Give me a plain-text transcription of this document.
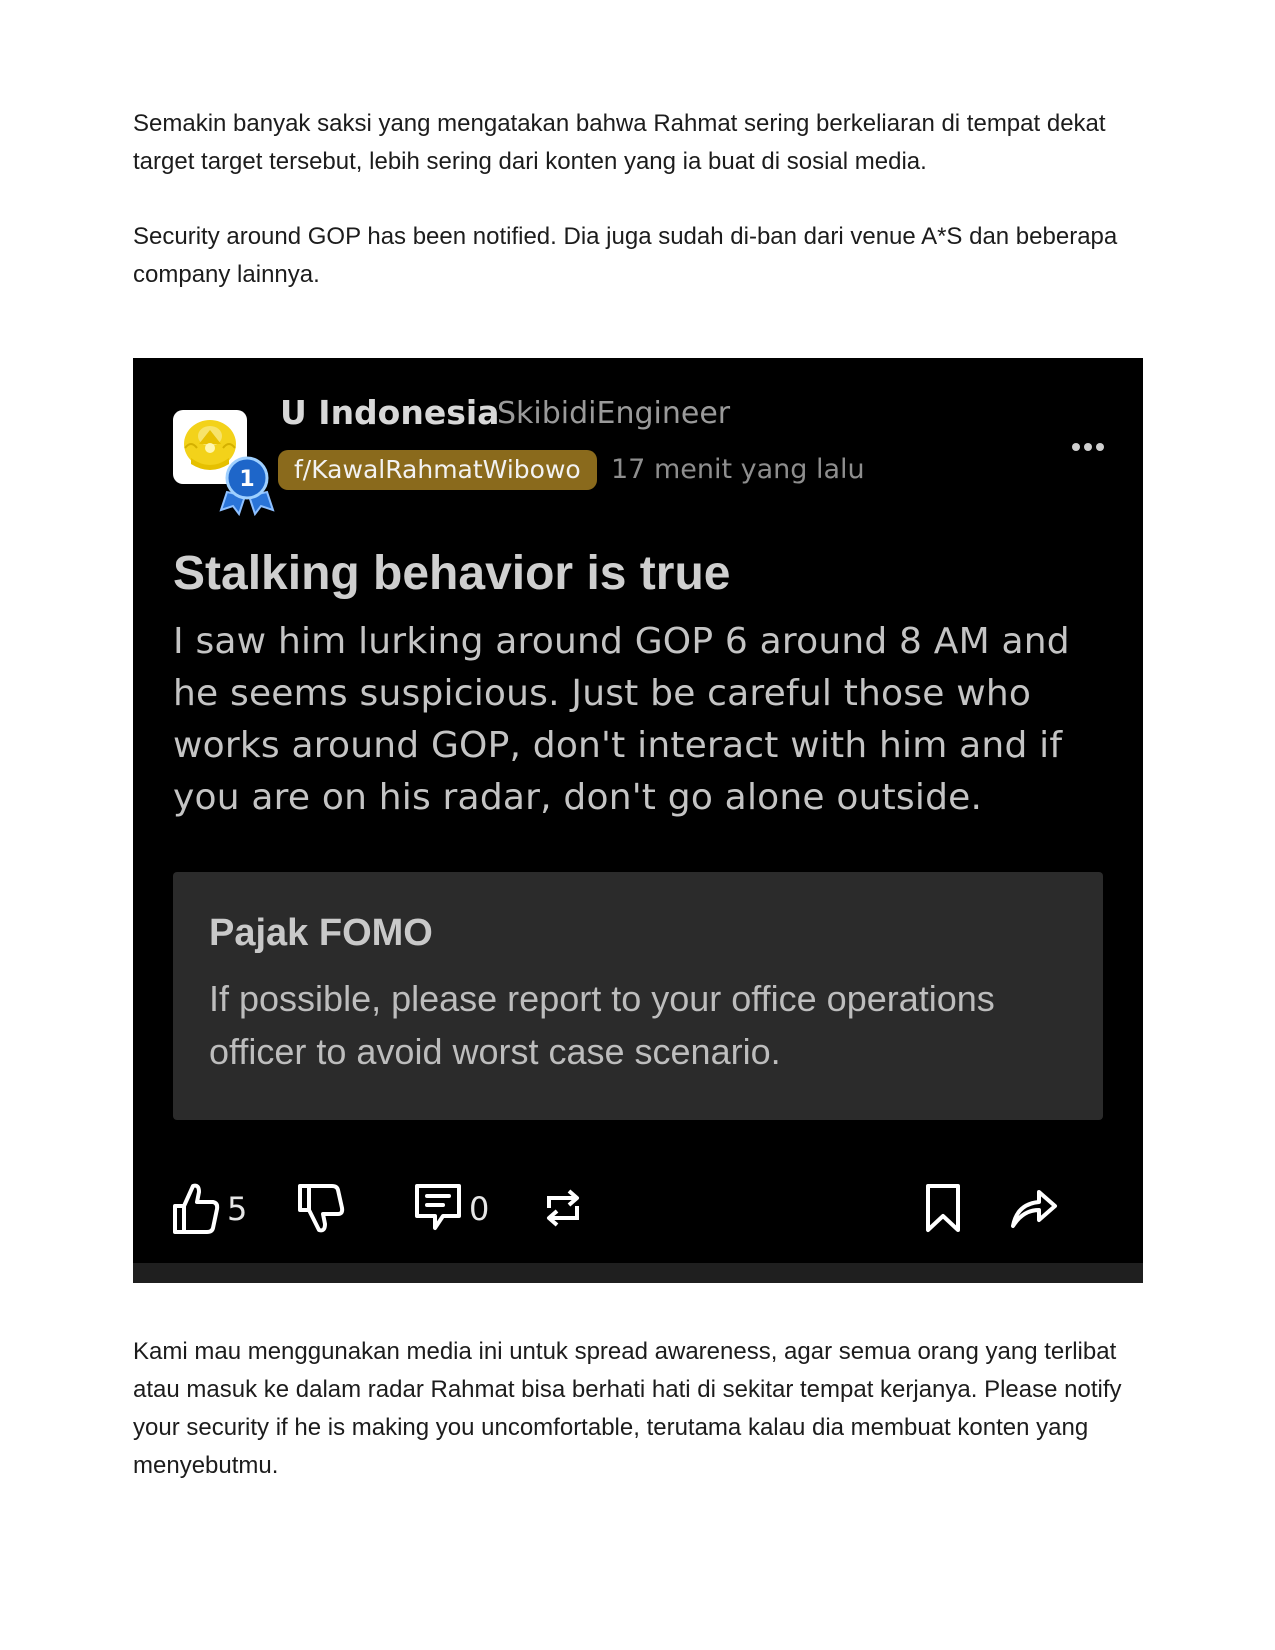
Semakin banyak saksi yang mengatakan bahwa Rahmat sering berkeliaran di tempat dekat target target tersebut, lebih sering dari konten yang ia buat di sosial media.

Security around GOP has been notified. Dia juga sudah di-ban dari venue A*S dan beberapa company lainnya.

1
U Indonesia
SkibidiEngineer
f/KawalRahmatWibowo	17 menit yang lalu
Stalking behavior is true

I saw him lurking around GOP 6 around 8 AM and he seems suspicious. Just be careful those who works around GOP, don't interact with him and if you are on his radar, don't go alone outside.

Pajak FOMO

If possible, please report to your office operations officer to avoid worst case scenario.

5	0

Kami mau menggunakan media ini untuk spread awareness, agar semua orang yang terlibat atau masuk ke dalam radar Rahmat bisa berhati hati di sekitar tempat kerjanya. Please notify your security if he is making you uncomfortable, terutama kalau dia membuat konten yang menyebutmu.
